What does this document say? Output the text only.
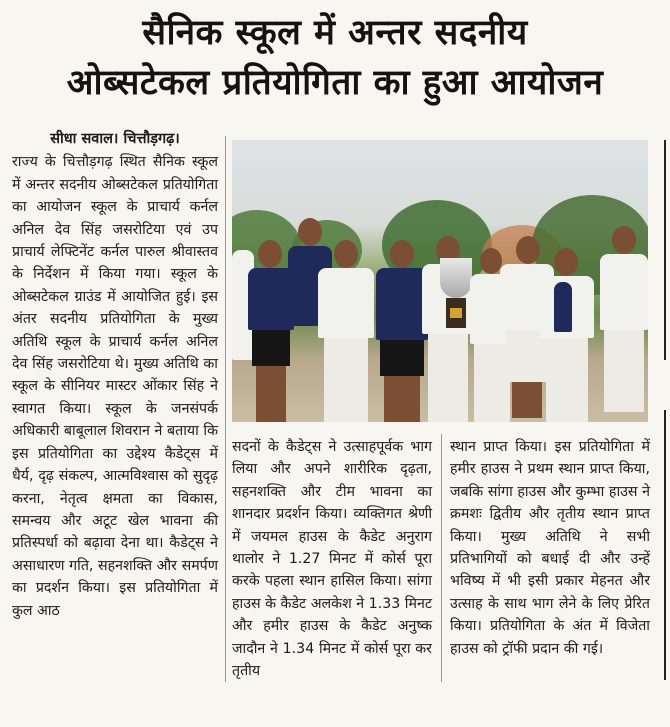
सैनिक स्कूल में अन्तर सदनीय
ओब्सटेकल प्रतियोगिता का हुआ आयोजन
सीधा सवाल। चित्तौड़गढ़।
राज्य के चित्तौड़गढ़ स्थित सैनिक स्कूल में अन्तर सदनीय ओब्सटेकल प्रतियोगिता का आयोजन स्कूल के प्राचार्य कर्नल अनिल देव सिंह जसरोटिया एवं उप प्राचार्य लेफ्टिनेंट कर्नल पारुल श्रीवास्तव के निर्देशन में किया गया। स्कूल के ओब्सटेकल ग्राउंड में आयोजित हुई। इस अंतर सदनीय प्रतियोगिता के मुख्य अतिथि स्कूल के प्राचार्य कर्नल अनिल देव सिंह जसरोटिया थे। मुख्य अतिथि का स्कूल के सीनियर मास्टर ओंकार सिंह ने स्वागत किया। स्कूल के जनसंपर्क अधिकारी बाबूलाल शिवरान ने बताया कि इस प्रतियोगिता का उद्देश्य कैडेट्स में धैर्य, दृढ़ संकल्प, आत्मविश्वास को सुदृढ़ करना, नेतृत्व क्षमता का विकास, समन्वय और अटूट खेल भावना की प्रतिस्पर्धा को बढ़ावा देना था। कैडेट्स ने असाधारण गति, सहनशक्ति और समर्पण का प्रदर्शन किया। इस प्रतियोगिता में कुल आठ
सदनों के कैडेट्स ने उत्साहपूर्वक भाग लिया और अपने शारीरिक दृढ़ता, सहनशक्ति और टीम भावना का शानदार प्रदर्शन किया। व्यक्तिगत श्रेणी में जयमल हाउस के कैडेट अनुराग थालोर ने 1.27 मिनट में कोर्स पूरा करके पहला स्थान हासिल किया। सांगा हाउस के कैडेट अलकेश ने 1.33 मिनट और हमीर हाउस के कैडेट अनुष्क जादौन ने 1.34 मिनट में कोर्स पूरा कर तृतीय
स्थान प्राप्त किया। इस प्रतियोगिता में हमीर हाउस ने प्रथम स्थान प्राप्त किया, जबकि सांगा हाउस और कुम्भा हाउस ने क्रमशः द्वितीय और तृतीय स्थान प्राप्त किया। मुख्य अतिथि ने सभी प्रतिभागियों को बधाई दी और उन्हें भविष्य में भी इसी प्रकार मेहनत और उत्साह के साथ भाग लेने के लिए प्रेरित किया। प्रतियोगिता के अंत में विजेता हाउस को ट्रॉफी प्रदान की गई।
